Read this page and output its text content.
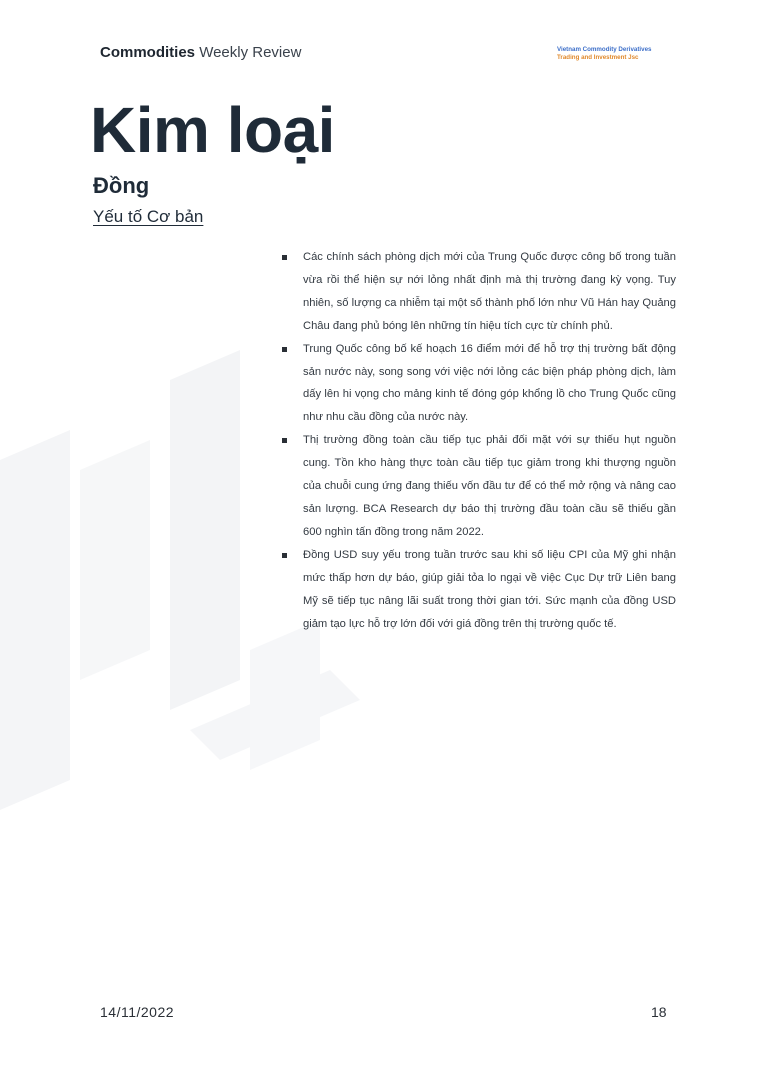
Commodities Weekly Review	Vietnam Commodity Derivatives
Trading and Investment Jsc
Kim loại
Đồng
Yếu tố Cơ bản
Các chính sách phòng dịch mới của Trung Quốc được công bố trong tuần vừa rồi thể hiện sự nới lỏng nhất định mà thị trường đang kỳ vọng. Tuy nhiên, số lượng ca nhiễm tại một số thành phố lớn như Vũ Hán hay Quảng Châu đang phủ bóng lên những tín hiệu tích cực từ chính phủ.
Trung Quốc công bố kế hoạch 16 điểm mới để hỗ trợ thị trường bất động sản nước này, song song với việc nới lỏng các biện pháp phòng dịch, làm dấy lên hi vọng cho mảng kinh tế đóng góp khổng lồ cho Trung Quốc cũng như nhu cầu đồng của nước này.
Thị trường đồng toàn cầu tiếp tục phải đối mặt với sự thiếu hụt nguồn cung. Tồn kho hàng thực toàn cầu tiếp tục giảm trong khi thượng nguồn của chuỗi cung ứng đang thiếu vốn đầu tư để có thể mở rộng và nâng cao sản lượng. BCA Research dự báo thị trường đầu toàn cầu sẽ thiếu gần 600 nghìn tấn đồng trong năm 2022.
Đồng USD suy yếu trong tuần trước sau khi số liệu CPI của Mỹ ghi nhận mức thấp hơn dự báo, giúp giải tỏa lo ngại về việc Cục Dự trữ Liên bang Mỹ sẽ tiếp tục nâng lãi suất trong thời gian tới. Sức mạnh của đồng USD giảm tạo lực hỗ trợ lớn đối với giá đồng trên thị trường quốc tế.
14/11/2022	18
